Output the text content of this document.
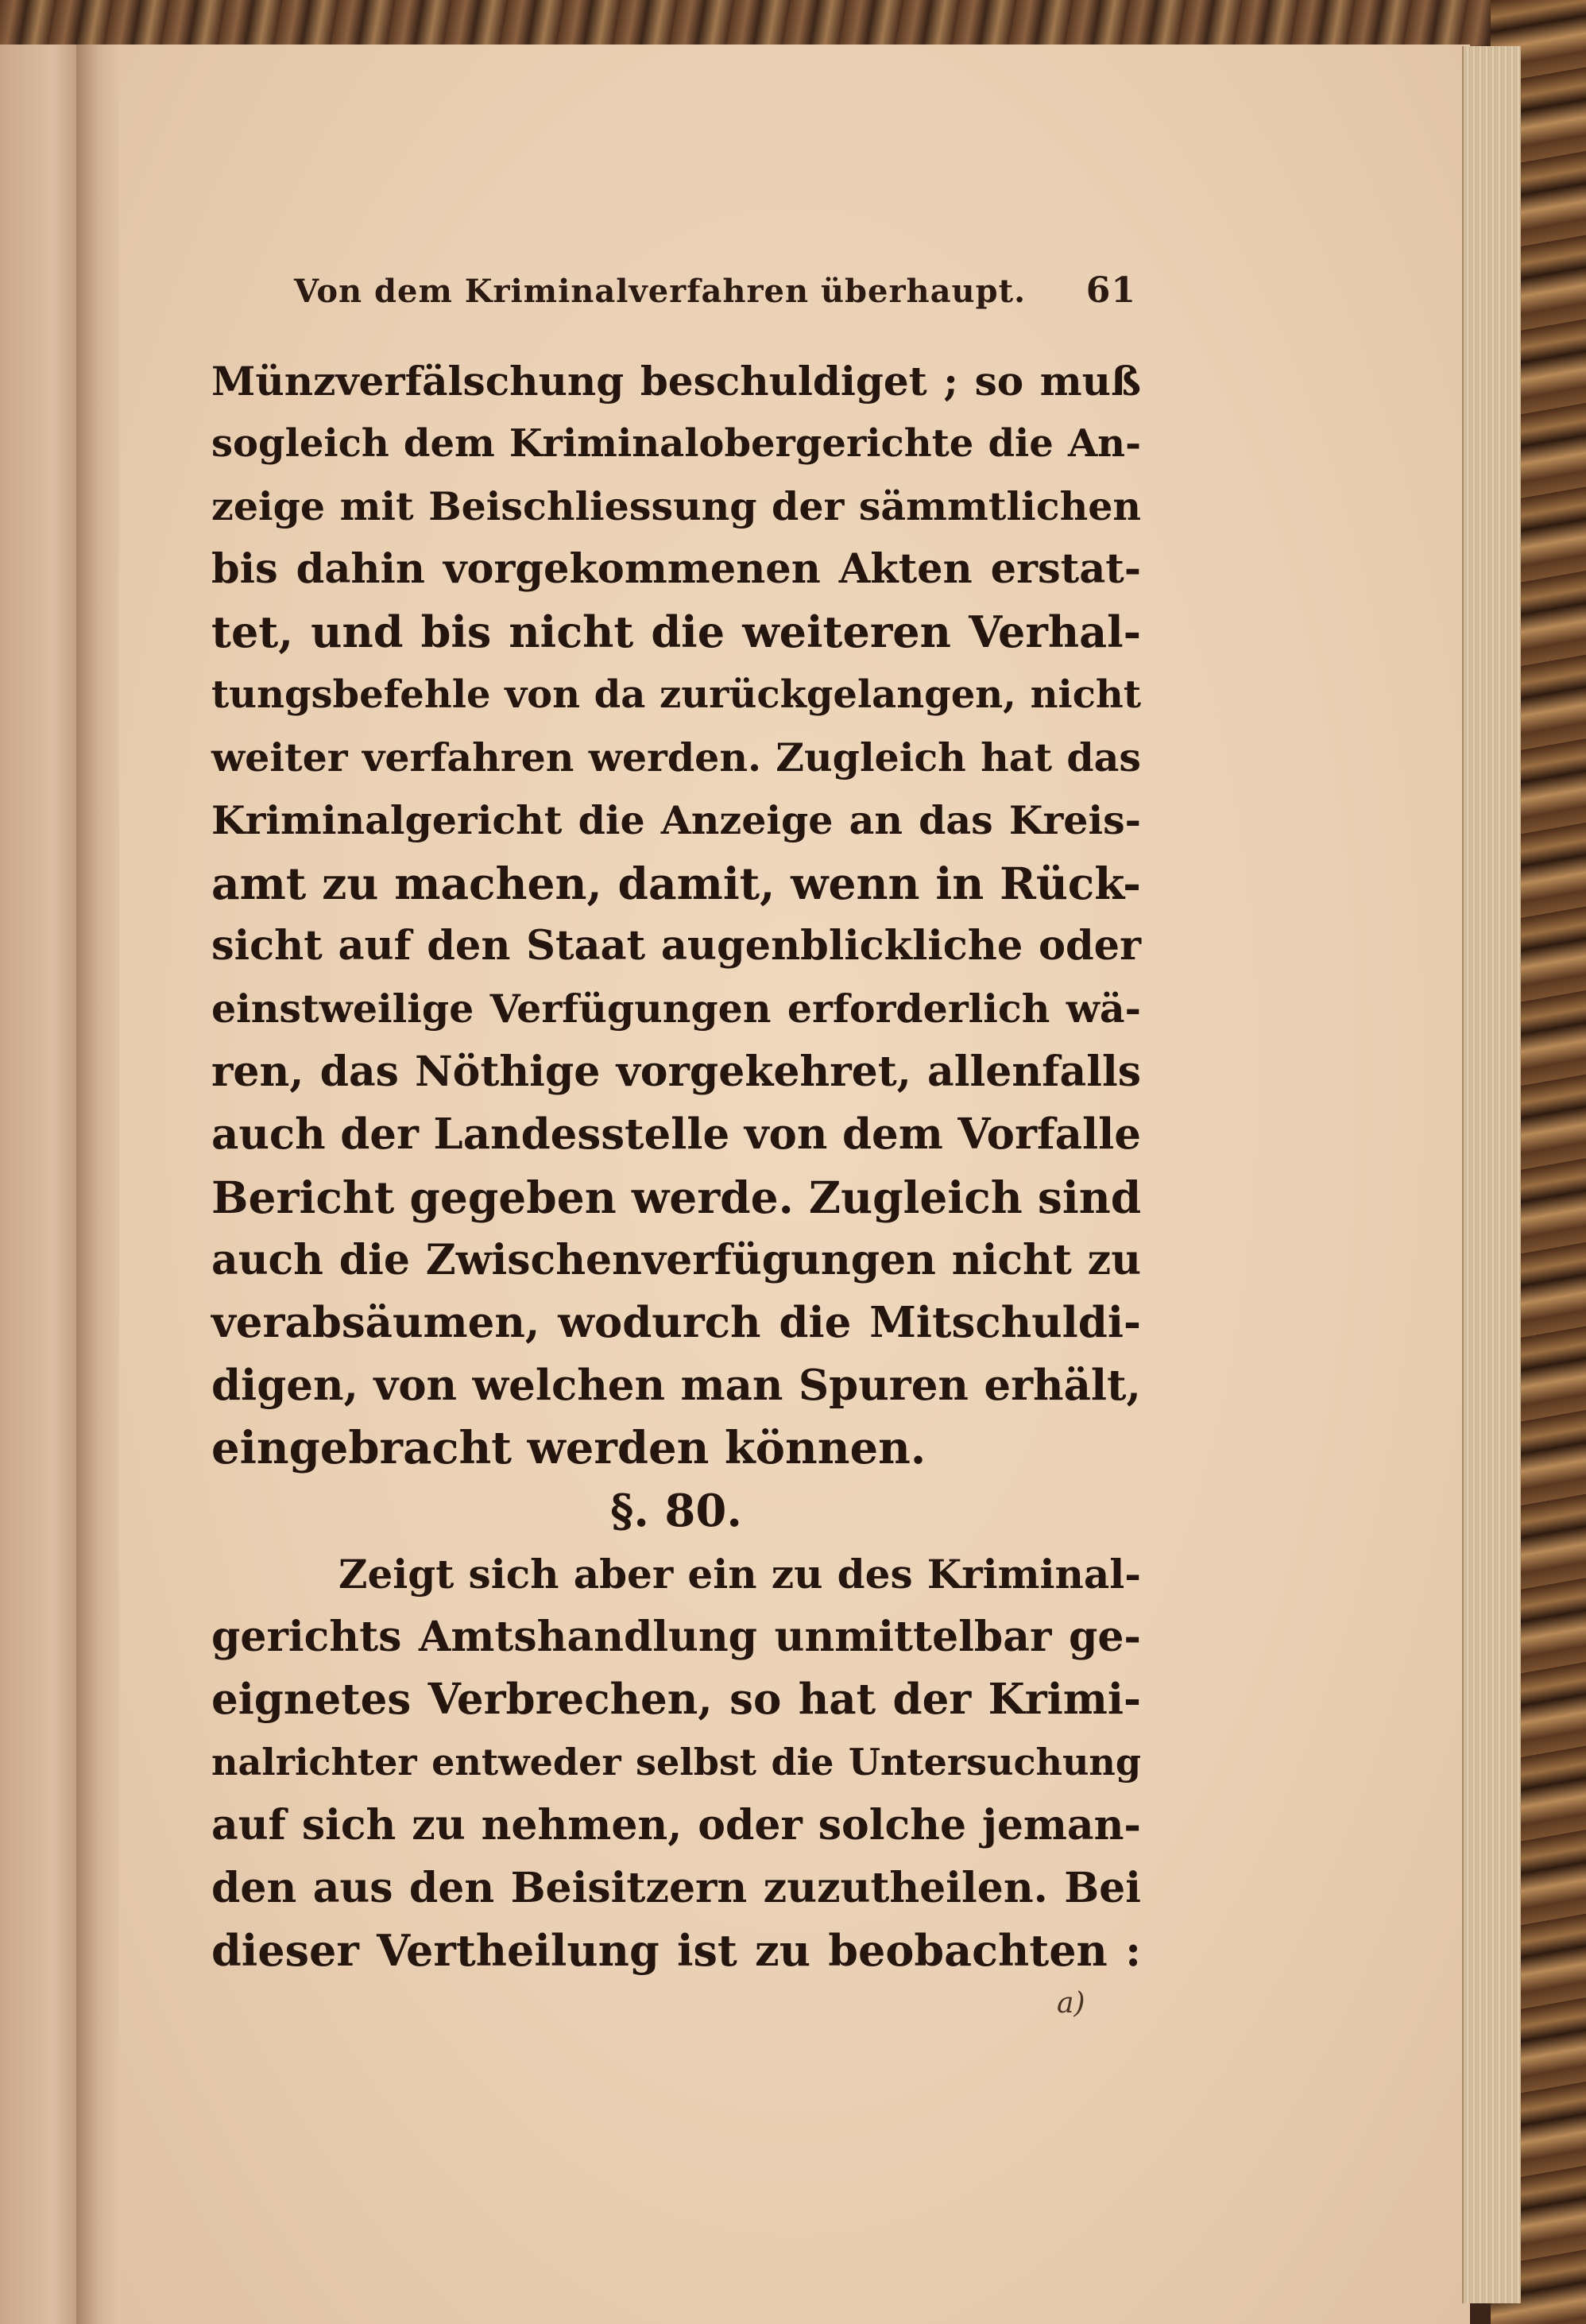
Von dem Kriminalverfahren überhaupt. 61
Münzverfälschung beschuldiget ; so muß
sogleich dem Kriminalobergerichte die An-
zeige mit Beischliessung der sämmtlichen
bis dahin vorgekommenen Akten erstat-
tet, und bis nicht die weiteren Verhal-
tungsbefehle von da zurückgelangen, nicht
weiter verfahren werden. Zugleich hat das
Kriminalgericht die Anzeige an das Kreis-
amt zu machen, damit, wenn in Rück-
sicht auf den Staat augenblickliche oder
einstweilige Verfügungen erforderlich wä-
ren, das Nöthige vorgekehret, allenfalls
auch der Landesstelle von dem Vorfalle
Bericht gegeben werde. Zugleich sind
auch die Zwischenverfügungen nicht zu
verabsäumen, wodurch die Mitschuldi-
digen, von welchen man Spuren erhält,
eingebracht werden können.
§. 80.
Zeigt sich aber ein zu des Kriminal-
gerichts Amtshandlung unmittelbar ge-
eignetes Verbrechen, so hat der Krimi-
nalrichter entweder selbst die Untersuchung
auf sich zu nehmen, oder solche jeman-
den aus den Beisitzern zuzutheilen. Bei
dieser Vertheilung ist zu beobachten :
a)
